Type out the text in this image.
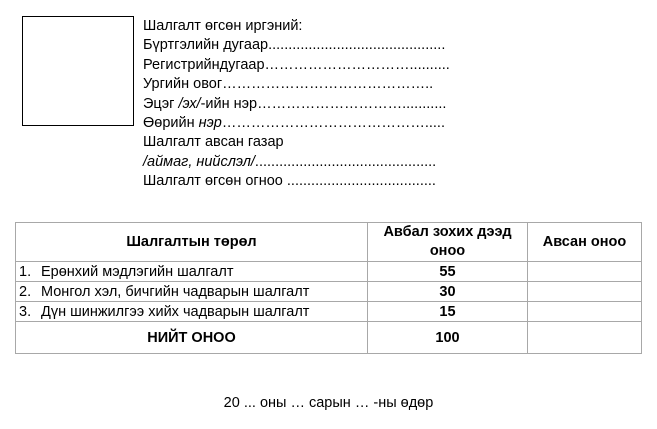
Шалгалт өгсөн иргэний:
Бүртгэлийн дугаар............................................
Регистрийндугаар…………………………..........
Ургийн овог……………………………………..
Эцэг /эх/-ийн нэр…………………………...........
Өөрийн нэр…………………………………….....
Шалгалт авсан газар
/аймаг, нийслэл/.............................................
Шалгалт өгсөн огноо .....................................
Шалгалтын төрөл	Авбал зохих дээд оноо	Авсан оноо
1. Ерөнхий мэдлэгийн шалгалт	55	
2. Монгол хэл, бичгийн чадварын шалгалт	30	
3. Дүн шинжилгээ хийх чадварын шалгалт	15	
НИЙТ ОНОО	100	
20 ... оны … сарын … -ны өдөр
